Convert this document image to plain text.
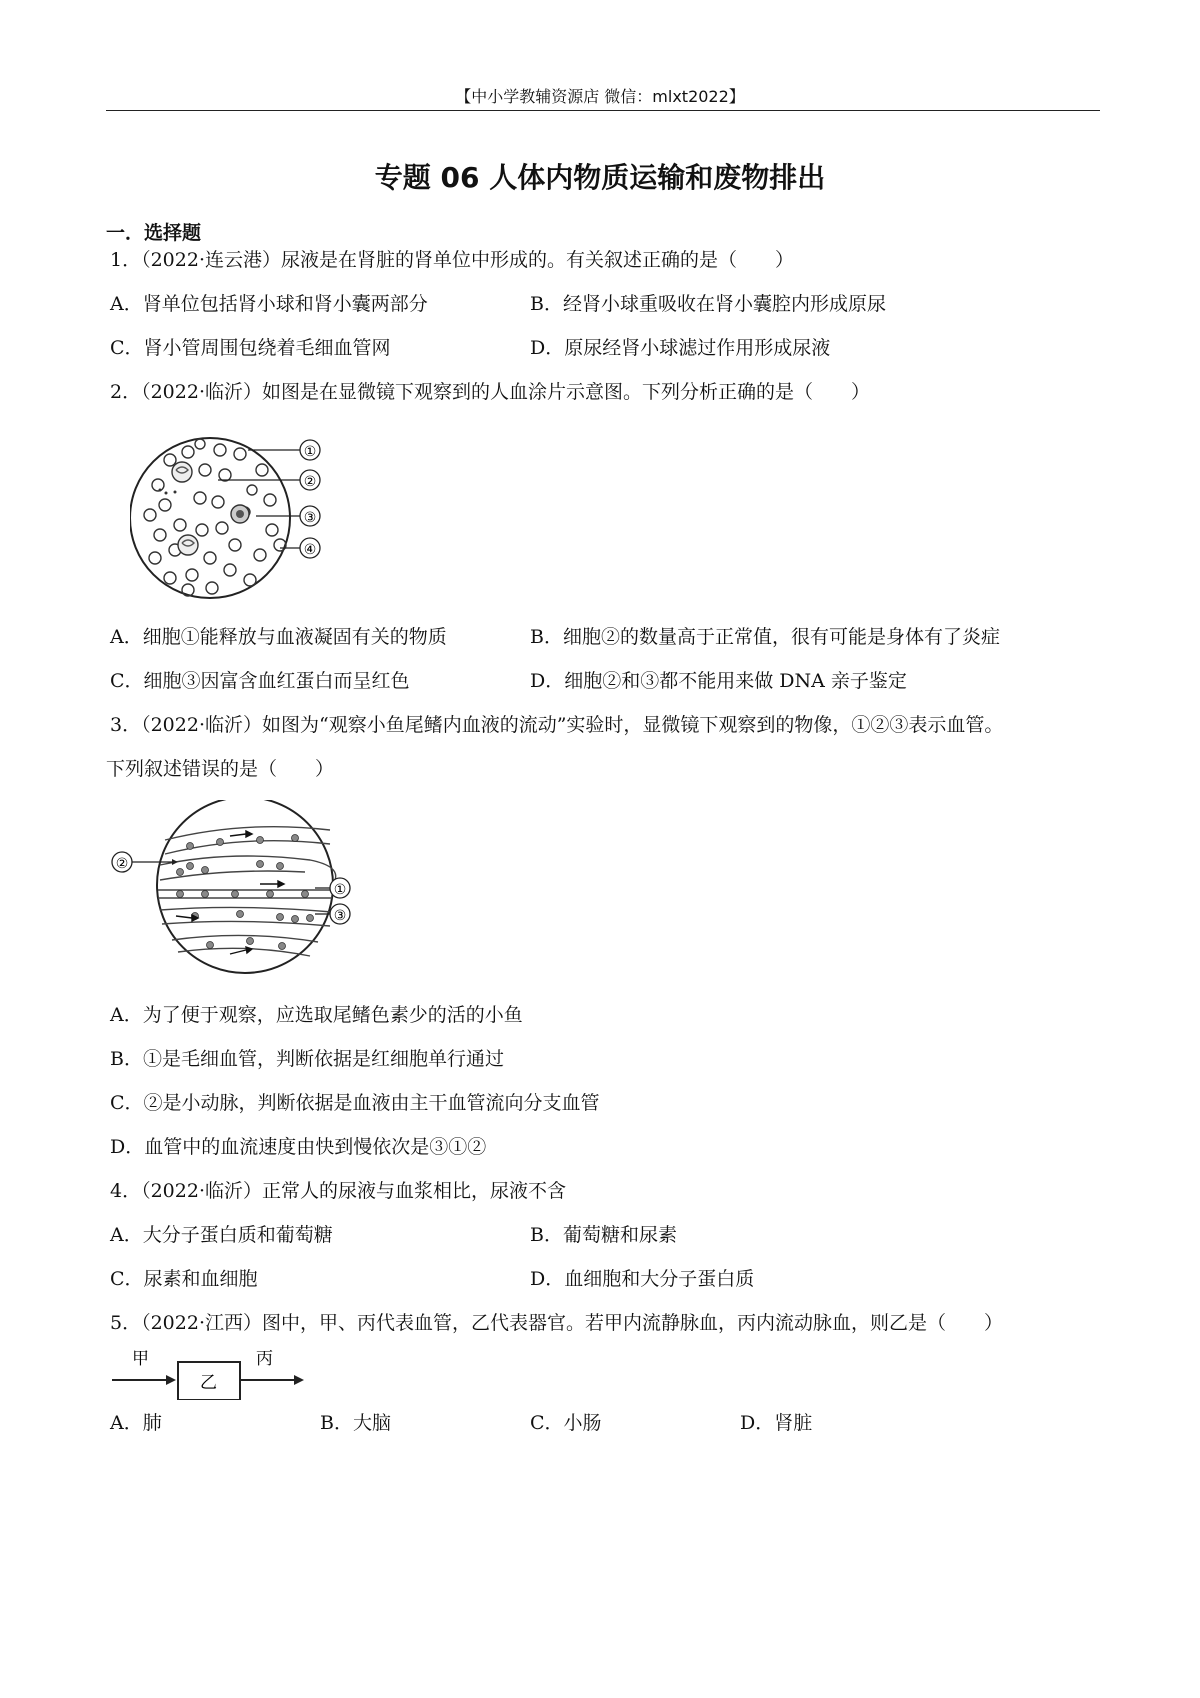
【中小学教辅资源店 微信：mlxt2022】
专题 06 人体内物质运输和废物排出
一．选择题
1．（2022·连云港）尿液是在肾脏的肾单位中形成的。有关叙述正确的是（　　）
A．肾单位包括肾小球和肾小囊两部分	B．经肾小球重吸收在肾小囊腔内形成原尿
C．肾小管周围包绕着毛细血管网	D．原尿经肾小球滤过作用形成尿液
2．（2022·临沂）如图是在显微镜下观察到的人血涂片示意图。下列分析正确的是（　　）
①
②
③
④
A．细胞①能释放与血液凝固有关的物质	B．细胞②的数量高于正常值，很有可能是身体有了炎症
C．细胞③因富含血红蛋白而呈红色	D．细胞②和③都不能用来做 DNA 亲子鉴定
3．（2022·临沂）如图为“观察小鱼尾鳍内血液的流动”实验时，显微镜下观察到的物像，①②③表示血管。
下列叙述错误的是（　　）
②
①
③
A．为了便于观察，应选取尾鳍色素少的活的小鱼
B．①是毛细血管，判断依据是红细胞单行通过
C．②是小动脉，判断依据是血液由主干血管流向分支血管
D．血管中的血流速度由快到慢依次是③①②
4．（2022·临沂）正常人的尿液与血浆相比，尿液不含
A．大分子蛋白质和葡萄糖	B．葡萄糖和尿素
C．尿素和血细胞	D．血细胞和大分子蛋白质
5．（2022·江西）图中，甲、丙代表血管，乙代表器官。若甲内流静脉血，丙内流动脉血，则乙是（　　）
甲
乙
丙
A．肺	B．大脑	C．小肠	D．肾脏
